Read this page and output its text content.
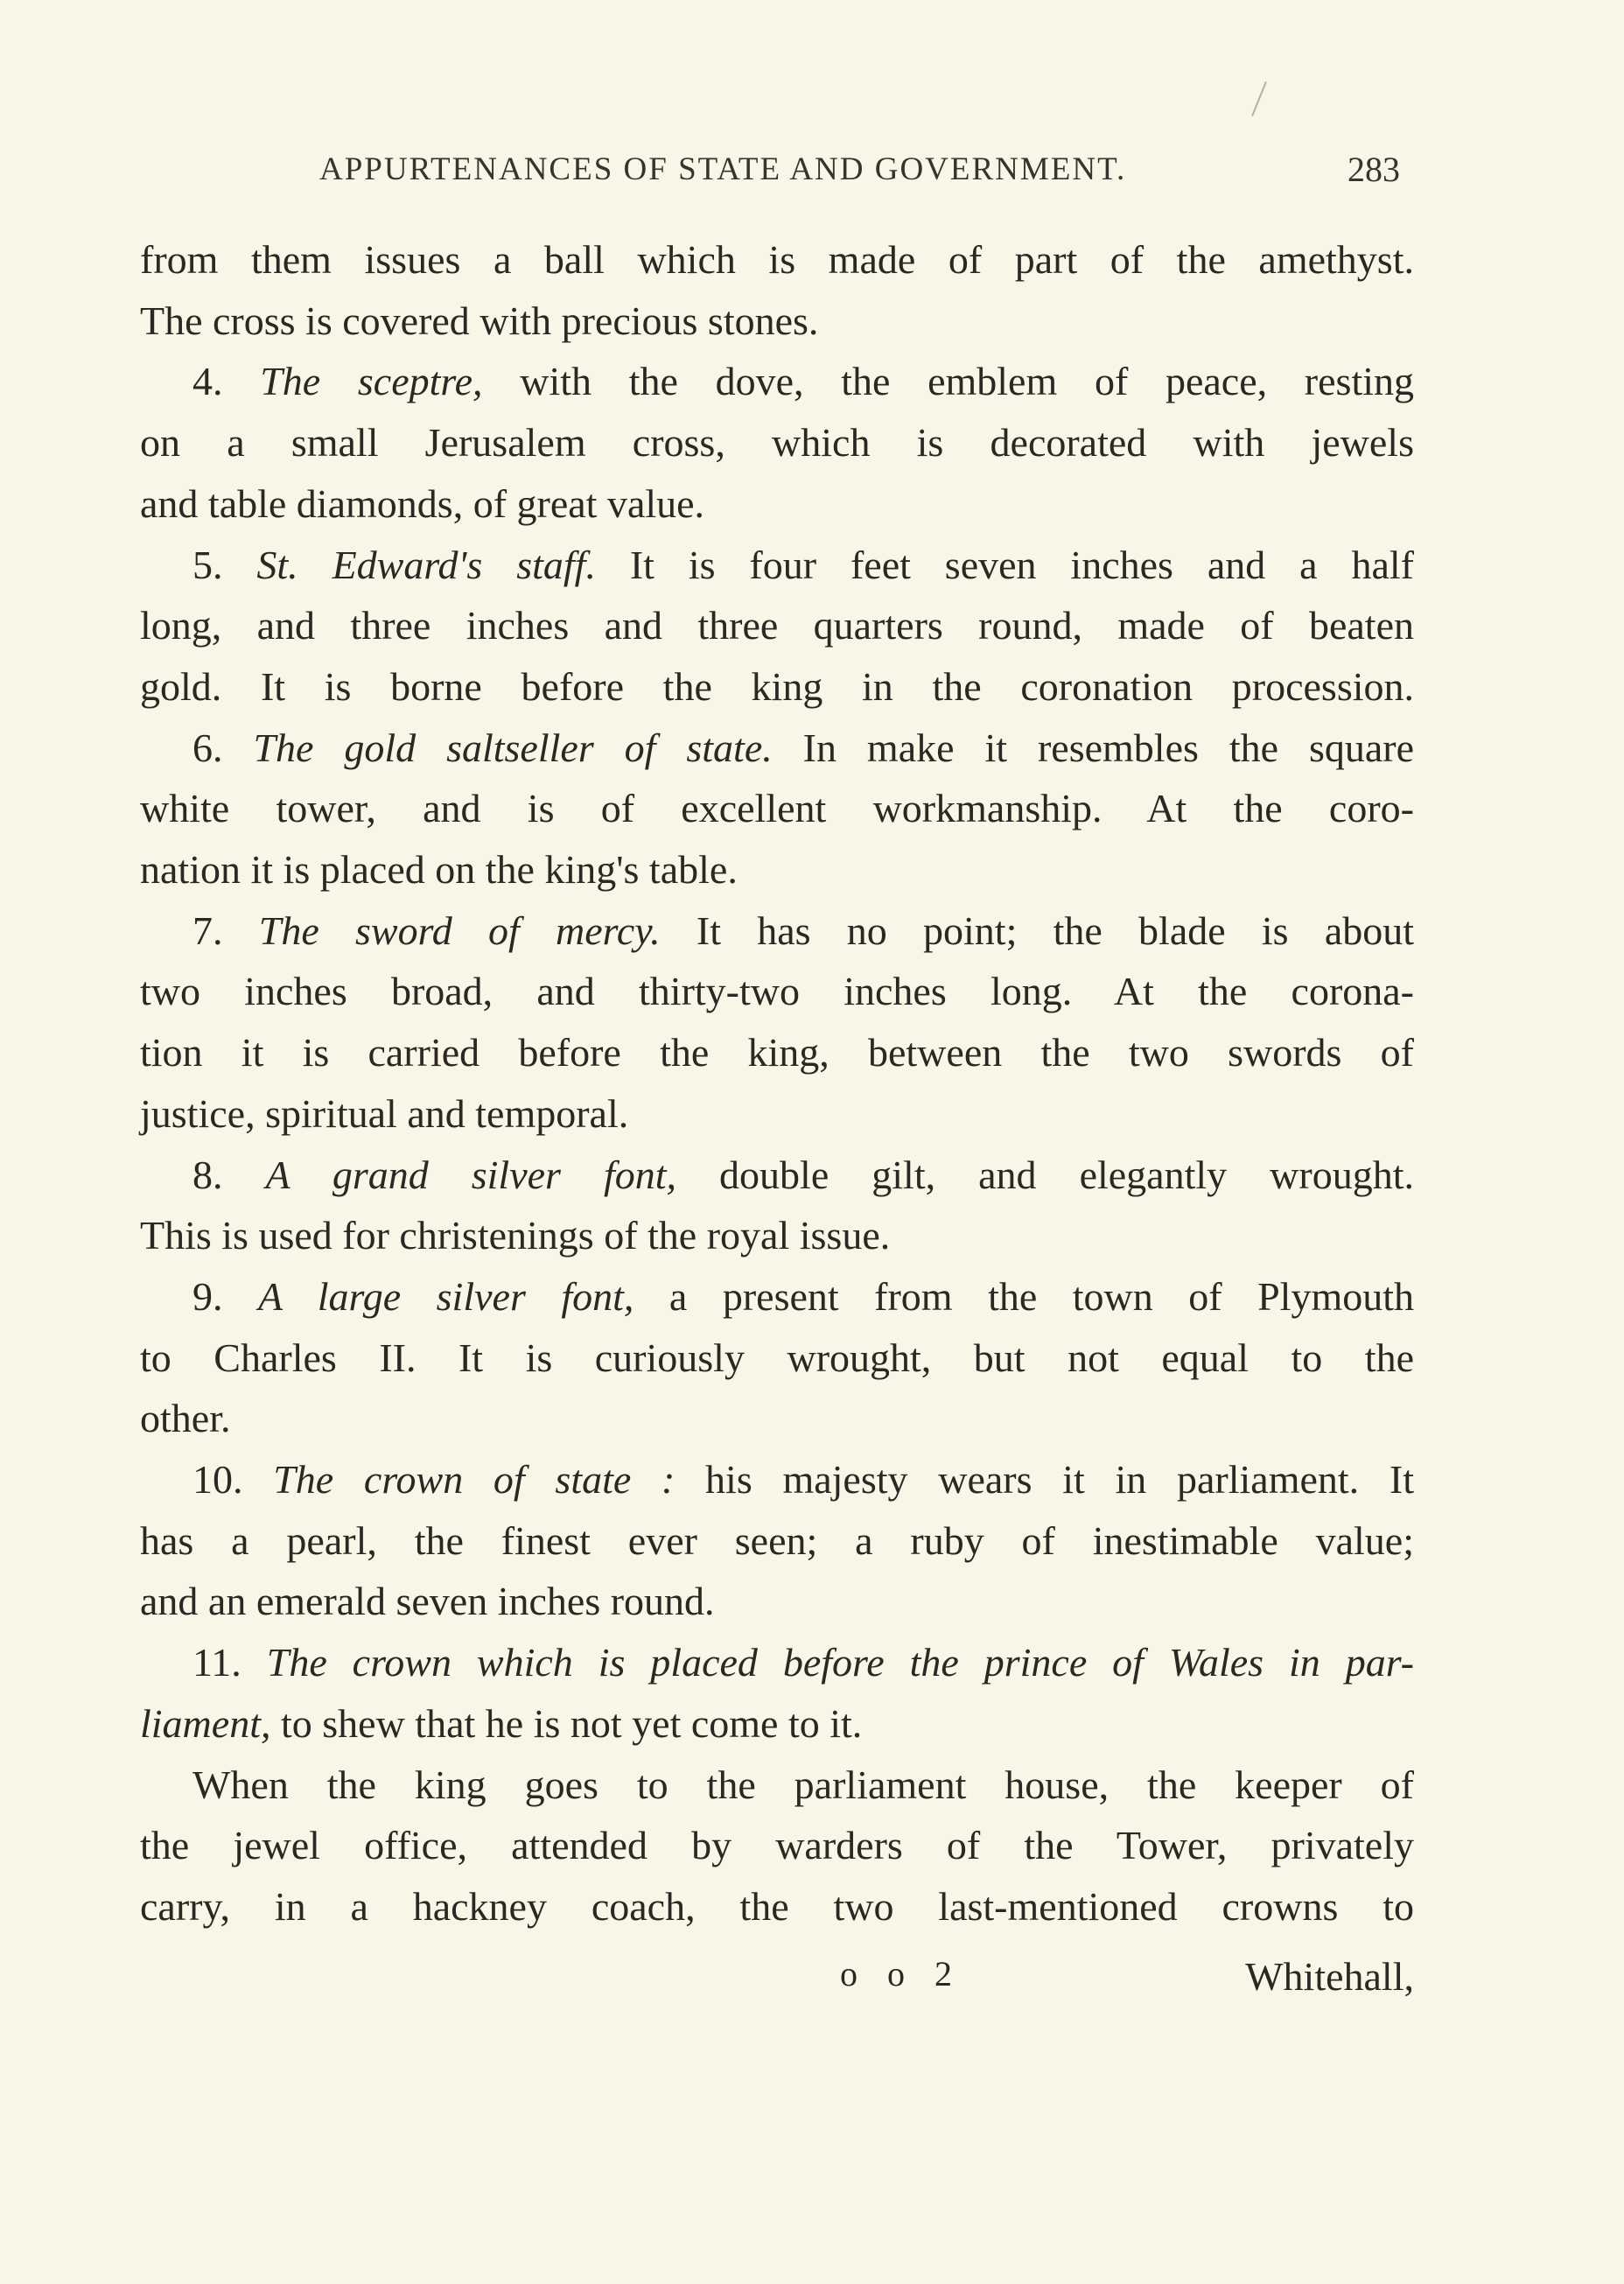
APPURTENANCES OF STATE AND GOVERNMENT.	283
from them issues a ball which is made of part of the amethyst.
The cross is covered with precious stones.
4. The sceptre, with the dove, the emblem of peace, resting
on a small Jerusalem cross, which is decorated with jewels
and table diamonds, of great value.
5. St. Edward's staff. It is four feet seven inches and a half
long, and three inches and three quarters round, made of beaten
gold. It is borne before the king in the coronation procession.
6. The gold saltseller of state. In make it resembles the square
white tower, and is of excellent workmanship. At the coro-
nation it is placed on the king's table.
7. The sword of mercy. It has no point; the blade is about
two inches broad, and thirty-two inches long. At the corona-
tion it is carried before the king, between the two swords of
justice, spiritual and temporal.
8. A grand silver font, double gilt, and elegantly wrought.
This is used for christenings of the royal issue.
9. A large silver font, a present from the town of Plymouth
to Charles II. It is curiously wrought, but not equal to the
other.
10. The crown of state : his majesty wears it in parliament. It
has a pearl, the finest ever seen; a ruby of inestimable value;
and an emerald seven inches round.
11. The crown which is placed before the prince of Wales in par-
liament, to shew that he is not yet come to it.
When the king goes to the parliament house, the keeper of
the jewel office, attended by warders of the Tower, privately
carry, in a hackney coach, the two last-mentioned crowns to
o o 2	Whitehall,
